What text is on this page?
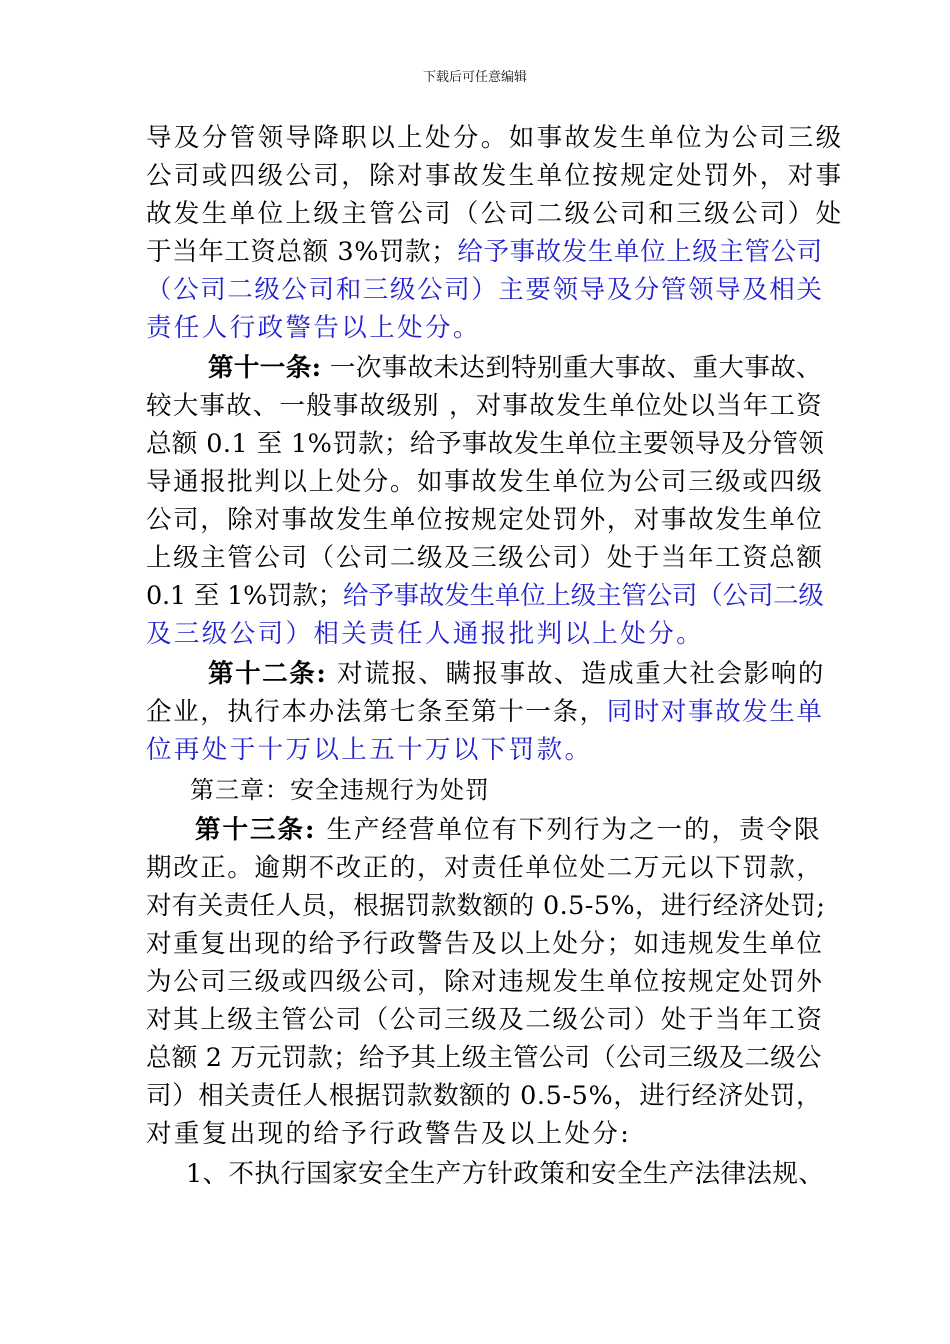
下载后可任意编辑
导及分管领导降职以上处分。如事故发生单位为公司三级
公司或四级公司，除对事故发生单位按规定处罚外，对事
故发生单位上级主管公司（公司二级公司和三级公司）处
于当年工资总额 3%罚款；给予事故发生单位上级主管公司
（公司二级公司和三级公司）主要领导及分管领导及相关
责任人行政警告以上处分。
第十一条: 一次事故未达到特别重大事故、重大事故、
较大事故、一般事故级别 ，对事故发生单位处以当年工资
总额 0.1 至 1%罚款；给予事故发生单位主要领导及分管领
导通报批判以上处分。如事故发生单位为公司三级或四级
公司，除对事故发生单位按规定处罚外，对事故发生单位
上级主管公司（公司二级及三级公司）处于当年工资总额
0.1 至 1%罚款；给予事故发生单位上级主管公司（公司二级
及三级公司）相关责任人通报批判以上处分。
第十二条: 对谎报、瞒报事故、造成重大社会影响的
企业，执行本办法第七条至第十一条，同时对事故发生单
位再处于十万以上五十万以下罚款。
第三章：安全违规行为处罚
第十三条: 生产经营单位有下列行为之一的，责令限
期改正。逾期不改正的，对责任单位处二万元以下罚款，
对有关责任人员，根据罚款数额的 0.5-5%，进行经济处罚;
对重复出现的给予行政警告及以上处分；如违规发生单位
为公司三级或四级公司，除对违规发生单位按规定处罚外
对其上级主管公司（公司三级及二级公司）处于当年工资
总额 2 万元罚款；给予其上级主管公司（公司三级及二级公
司）相关责任人根据罚款数额的 0.5-5%，进行经济处罚，
对重复出现的给予行政警告及以上处分:
1、不执行国家安全生产方针政策和安全生产法律法规、
